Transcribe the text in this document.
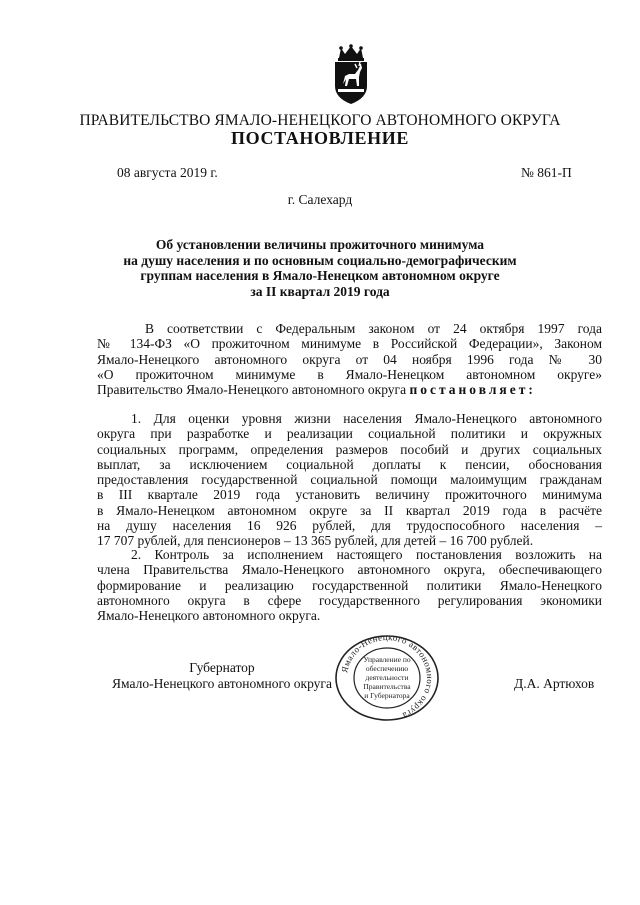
ПРАВИТЕЛЬСТВО ЯМАЛО-НЕНЕЦКОГО АВТОНОМНОГО ОКРУГА
ПОСТАНОВЛЕНИЕ
08 августа 2019 г.	№ 861-П
г. Салехард
Об установлении величины прожиточного минимума
на душу населения и по основным социально-демографическим
группам населения в Ямало-Ненецком автономном округе
за II квартал 2019 года
В соответствии с Федеральным законом от 24 октября 1997 года
№ 134-ФЗ «О прожиточном минимуме в Российской Федерации», Законом
Ямало-Ненецкого автономного округа от 04 ноября 1996 года № 30
«О прожиточном минимуме в Ямало-Ненецком автономном округе»
Правительство Ямало-Ненецкого автономного округа постановляет:
1. Для оценки уровня жизни населения Ямало-Ненецкого автономного
округа при разработке и реализации социальной политики и окружных
социальных программ, определения размеров пособий и других социальных
выплат, за исключением социальной доплаты к пенсии, обоснования
предоставления государственной социальной помощи малоимущим гражданам
в III квартале 2019 года установить величину прожиточного минимума
в Ямало-Ненецком автономном округе за II квартал 2019 года в расчёте
на душу населения 16 926 рублей, для трудоспособного населения –
17 707 рублей, для пенсионеров – 13 365 рублей, для детей – 16 700 рублей.
2. Контроль за исполнением настоящего постановления возложить на
члена Правительства Ямало-Ненецкого автономного округа, обеспечивающего
формирование и реализацию государственной политики Ямало-Ненецкого
автономного округа в сфере государственного регулирования экономики
Ямало-Ненецкого автономного округа.
Губернатор
Ямало-Ненецкого автономного округа
Ямало-Ненецкого автономного округа
Управление по
обеспечению
деятельности
Правительства
и Губернатора
Д.А. Артюхов
